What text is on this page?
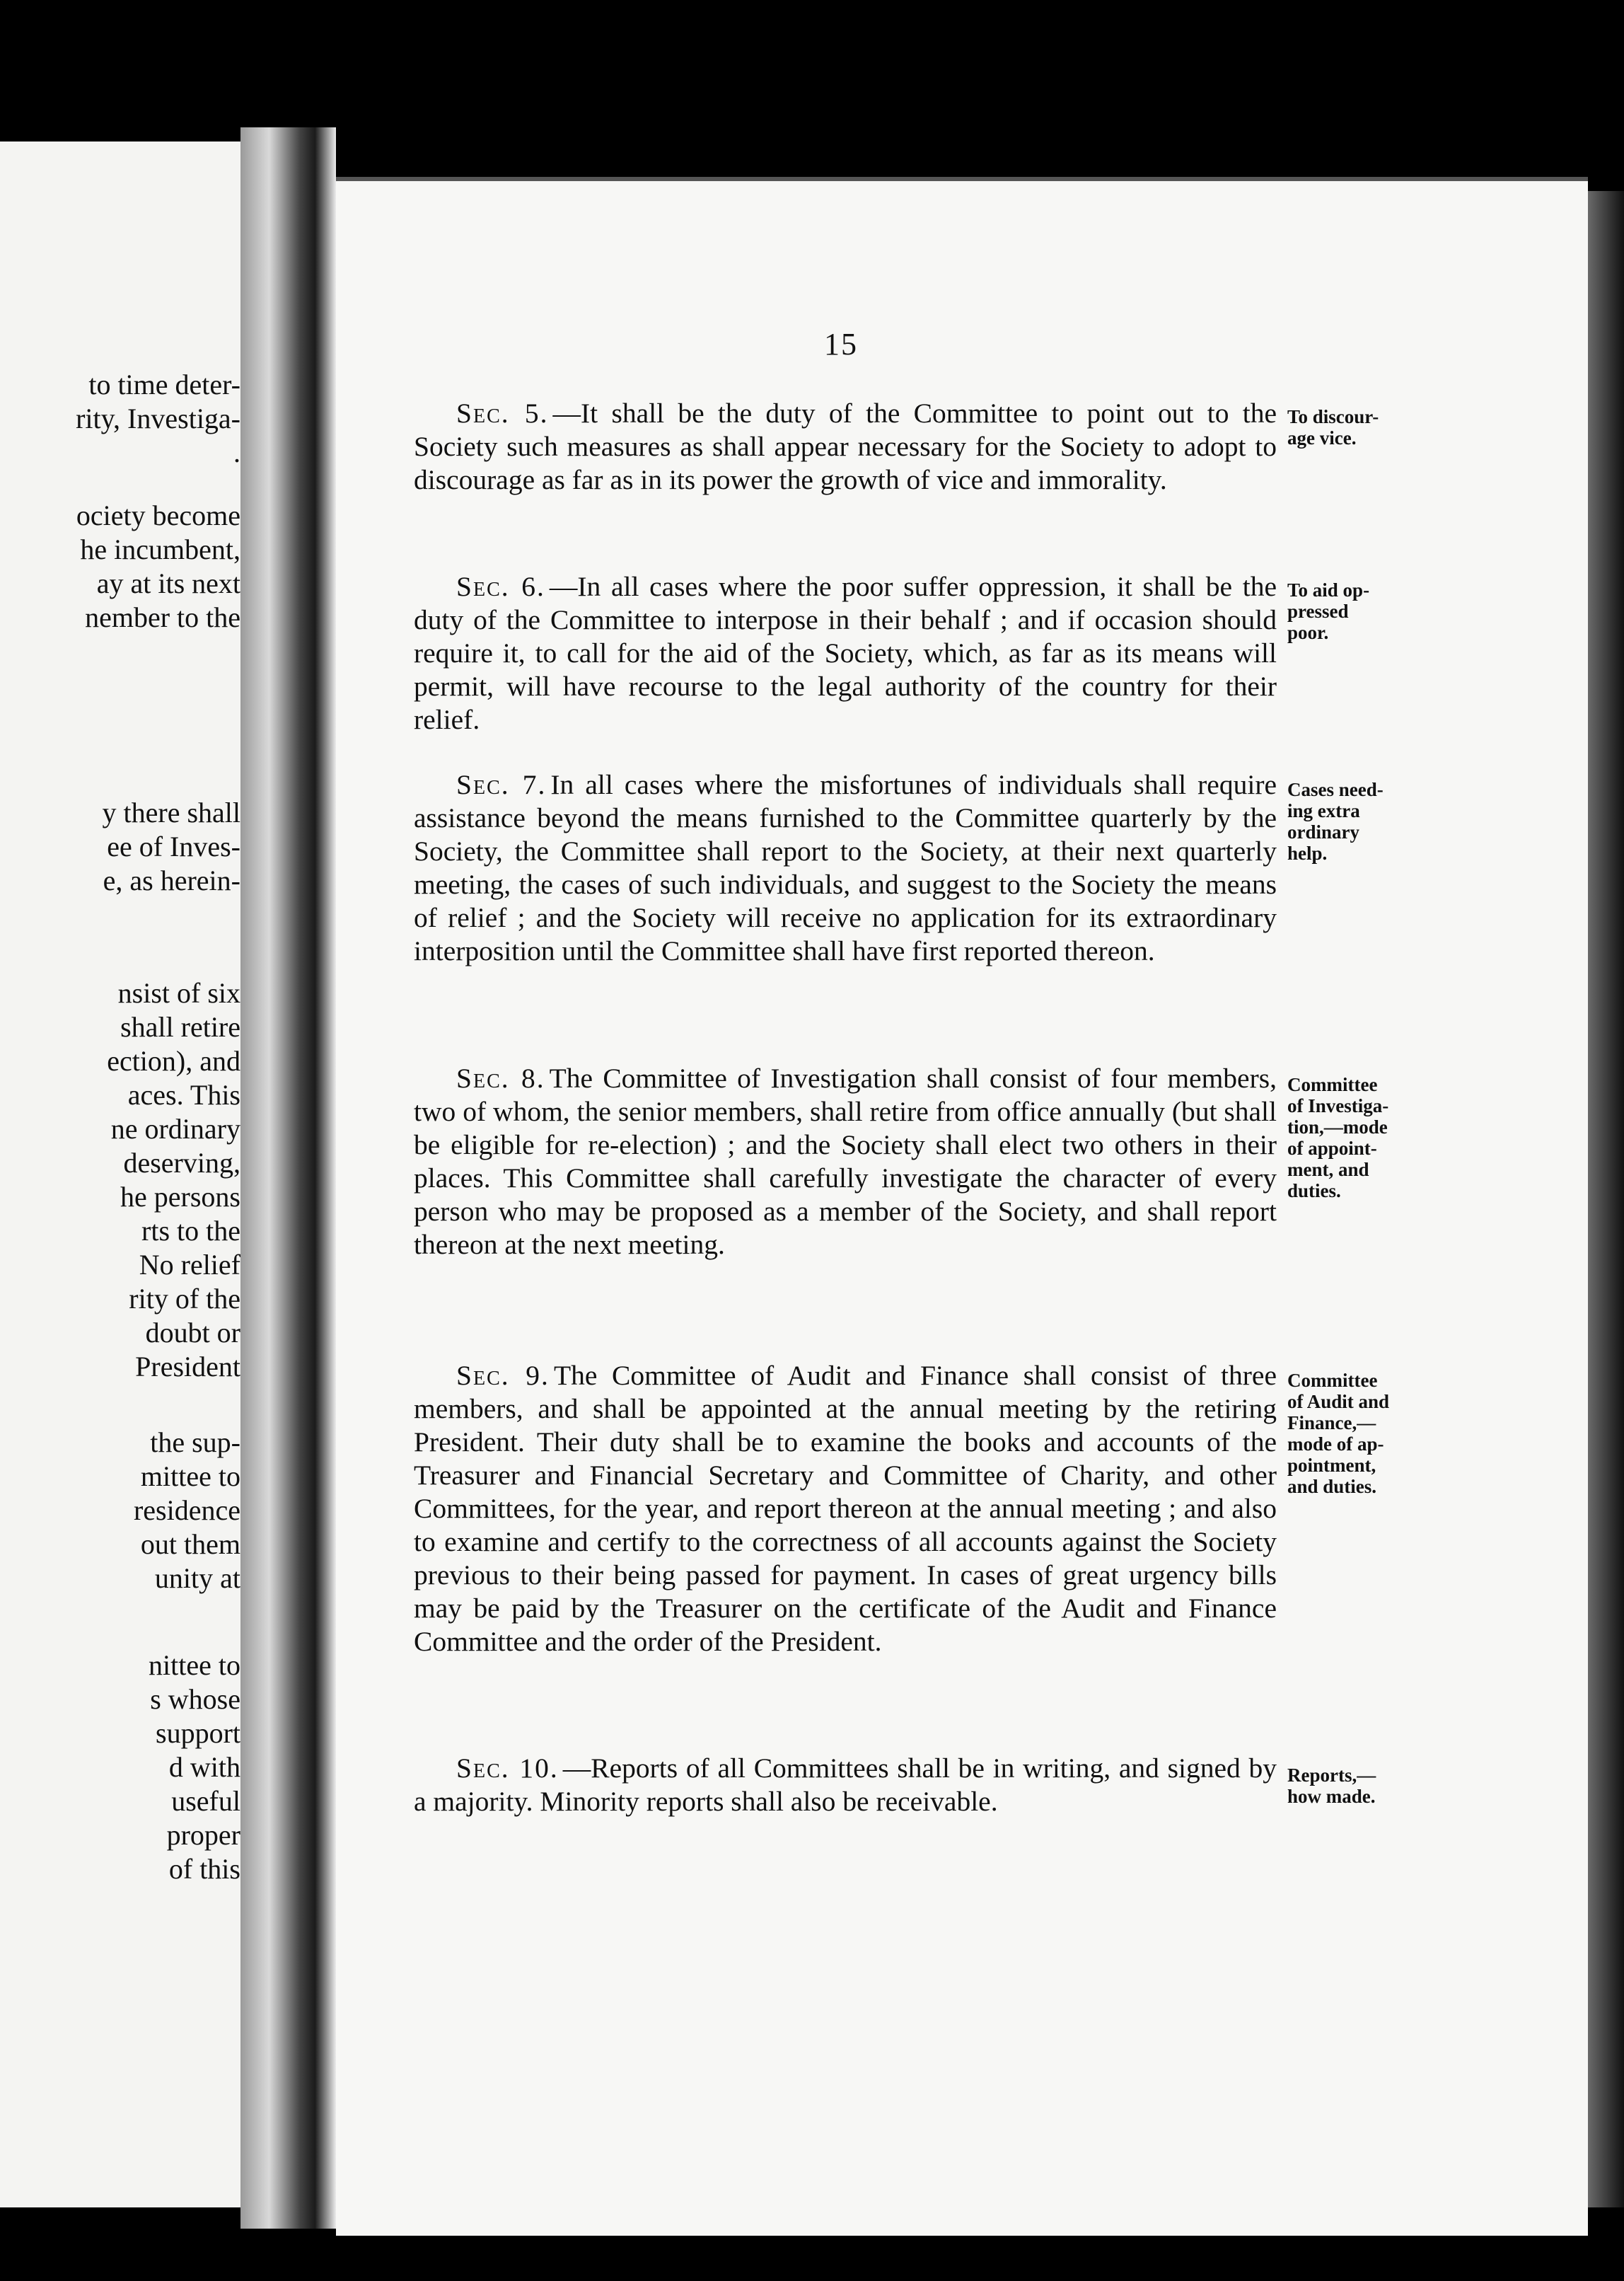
to time deter-
rity, Investiga-
.
ociety become
he incumbent,
ay at its next
nember to the
y there shall
ee of Inves-
e, as herein-
nsist of six
shall retire
ection), and
aces. This
ne ordinary
deserving,
he persons
rts to the
No relief
rity of the
doubt or
President
the sup-
mittee to
residence
out them
unity at
nittee to
s whose
support
d with
useful
proper
of this
15
Sec. 5. —It shall be the duty of the Committee to point out to the Society such measures as shall appear necessary for the Society to adopt to discourage as far as in its power the growth of vice and immorality.
To discour-
age vice.
Sec. 6. —In all cases where the poor suffer oppression, it shall be the duty of the Committee to interpose in their behalf ; and if occasion should require it, to call for the aid of the Society, which, as far as its means will permit, will have recourse to the legal authority of the country for their relief.
To aid op-
pressed
poor.
Sec. 7. In all cases where the misfortunes of individuals shall require assistance beyond the means furnished to the Committee quarterly by the Society, the Committee shall report to the Society, at their next quarterly meeting, the cases of such individuals, and suggest to the Society the means of relief ; and the Society will receive no application for its extraordinary interposition until the Committee shall have first reported thereon.
Cases need-
ing extra
ordinary
help.
Sec. 8. The Committee of Investigation shall consist of four members, two of whom, the senior members, shall retire from office annually (but shall be eligible for re-election) ; and the Society shall elect two others in their places. This Committee shall carefully investigate the character of every person who may be proposed as a member of the Society, and shall report thereon at the next meeting.
Committee
of Investiga-
tion,—mode
of appoint-
ment, and
duties.
Sec. 9. The Committee of Audit and Finance shall consist of three members, and shall be appointed at the annual meeting by the retiring President. Their duty shall be to examine the books and accounts of the Treasurer and Financial Secretary and Committee of Charity, and other Committees, for the year, and report thereon at the annual meeting ; and also to examine and certify to the correctness of all accounts against the Society previous to their being passed for payment. In cases of great urgency bills may be paid by the Treasurer on the certificate of the Audit and Finance Committee and the order of the President.
Committee
of Audit and
Finance,—
mode of ap-
pointment,
and duties.
Sec. 10. —Reports of all Committees shall be in writing, and signed by a majority. Minority reports shall also be receivable.
Reports,—
how made.
